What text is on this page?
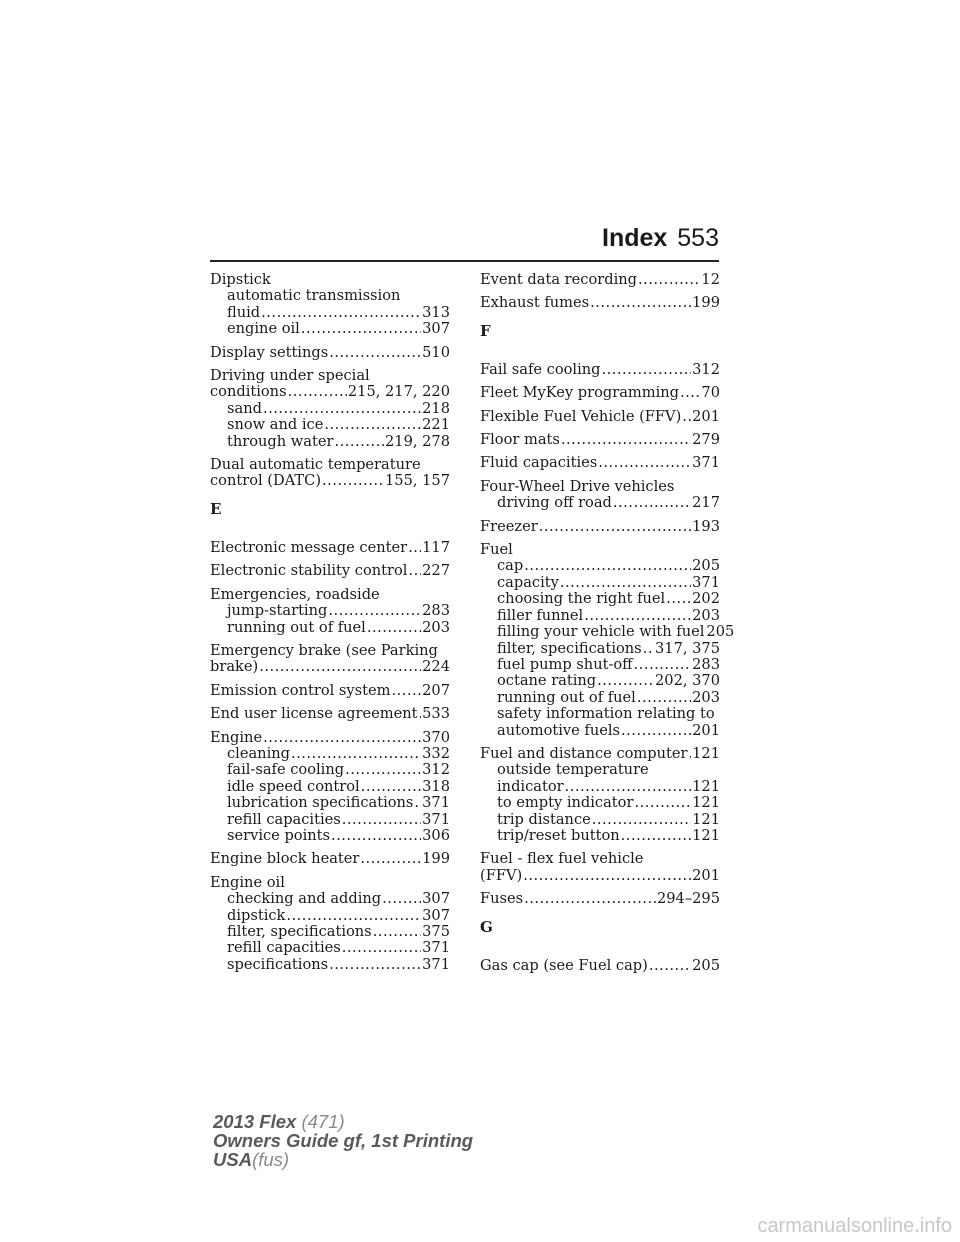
Index 553
Dipstick
automatic transmission
fluid .....	313
engine oil .....	307
Display settings .....	510
Driving under special
conditions .....	215, 217, 220
sand .....	218
snow and ice .....	221
through water .....	219, 278
Dual automatic temperature
control (DATC) .....	155, 157
E
Electronic message center ..... 117
Electronic stability control ..... 227
Emergencies, roadside
jump-starting .....	283
running out of fuel .....	203
Emergency brake (see Parking
brake) .....	224
Emission control system ..... 207
End user license agreement ..... 533
Engine .....	370
cleaning .....	332
fail-safe cooling .....	312
idle speed control .....	318
lubrication specifications ..... 371
refill capacities .....	371
service points .....	306
Engine block heater .....	199
Engine oil
checking and adding .....	307
dipstick .....	307
filter, specifications .....	375
refill capacities .....	371
specifications .....	371
Event data recording .....	12
Exhaust fumes .....	199
F
Fail safe cooling .....	312
Fleet MyKey programming ..... 70
Flexible Fuel Vehicle (FFV) ..... 201
Floor mats .....	279
Fluid capacities .....	371
Four-Wheel Drive vehicles
driving off road .....	217
Freezer .....	193
Fuel
cap .....	205
capacity .....	371
choosing the right fuel ..... 202
filler funnel .....	203
filling your vehicle with fuel 205
filter, specifications ..... 317, 375
fuel pump shut-off .....	283
octane rating .....	202, 370
running out of fuel .....	203
safety information relating to
automotive fuels .....	201
Fuel and distance computer ..... 121
outside temperature
indicator .....	121
to empty indicator .....	121
trip distance .....	121
trip/reset button .....	121
Fuel - flex fuel vehicle
(FFV) .....	201
Fuses .....	294–295
G
Gas cap (see Fuel cap) .....	205
2013 Flex (471)
Owners Guide gf, 1st Printing
USA(fus)
carmanualsonline.info
